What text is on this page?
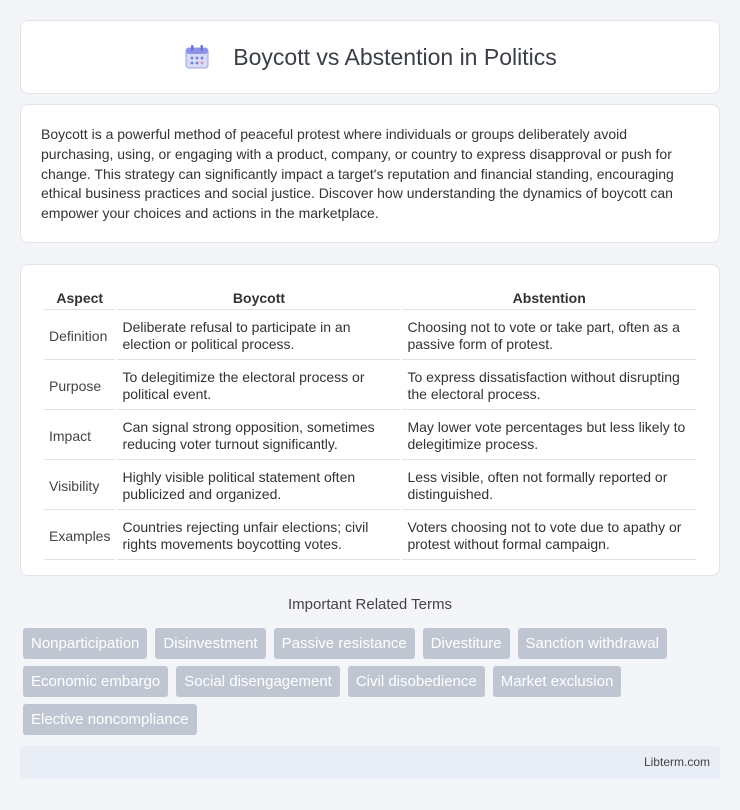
Boycott vs Abstention in Politics

Boycott is a powerful method of peaceful protest where individuals or groups deliberately avoid purchasing, using, or engaging with a product, company, or country to express disapproval or push for change. This strategy can significantly impact a target's reputation and financial standing, encouraging ethical business practices and social justice. Discover how understanding the dynamics of boycott can empower your choices and actions in the marketplace.

Aspect	Boycott	Abstention
Definition	Deliberate refusal to participate in an election or political process.	Choosing not to vote or take part, often as a passive form of protest.
Purpose	To delegitimize the electoral process or political event.	To express dissatisfaction without disrupting the electoral process.
Impact	Can signal strong opposition, sometimes reducing voter turnout significantly.	May lower vote percentages but less likely to delegitimize process.
Visibility	Highly visible political statement often publicized and organized.	Less visible, often not formally reported or distinguished.
Examples	Countries rejecting unfair elections; civil rights movements boycotting votes.	Voters choosing not to vote due to apathy or protest without formal campaign.
Important Related Terms
Nonparticipation	Disinvestment	Passive resistance	Divestiture	Sanction withdrawal
Economic embargo	Social disengagement	Civil disobedience	Market exclusion
Elective noncompliance
Libterm.com
